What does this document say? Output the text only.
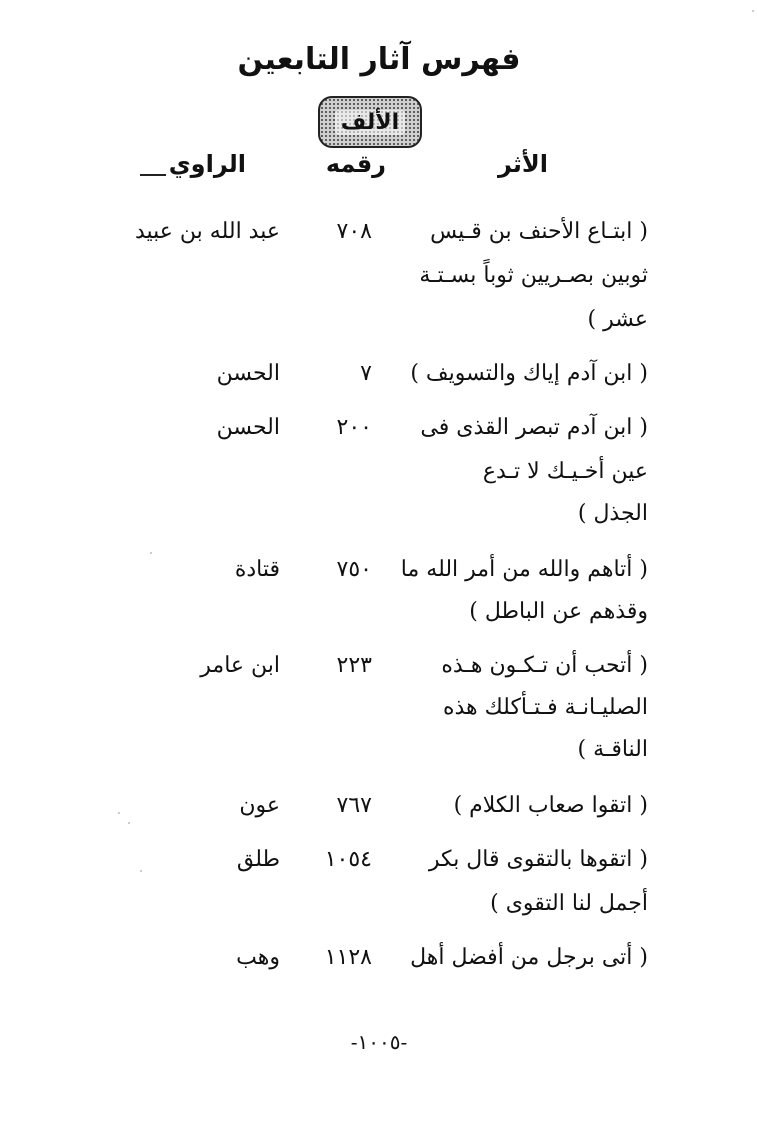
فهرس آثار التابعين
الألف
الأثر
رقمه
الراوي
( ابتـاع الأحنف بن قـيس
٧٠٨
عبد الله بن عبيد
ثوبين بصـريين ثوباً بسـتـة
عشر )
( ابن آدم إياك والتسويف )
٧
الحسن
( ابن آدم تبصر القذى فى
٢٠٠
الحسن
عين أخـيـك لا تـدع
الجذل )
( أتاهم والله من أمر الله ما
٧٥٠
قتادة
وقذهم عن الباطل )
( أتحب أن تـكـون هـذه
٢٢٣
ابن عامر
الصليـانـة فـتـأكلك هذه
الناقـة )
( اتقوا صعاب الكلام )
٧٦٧
عون
( اتقوها بالتقوى قال بكر
١٠٥٤
طلق
أجمل لنا التقوى )
( أتى برجل من أفضل أهل
١١٢٨
وهب
-١٠٠٥-
